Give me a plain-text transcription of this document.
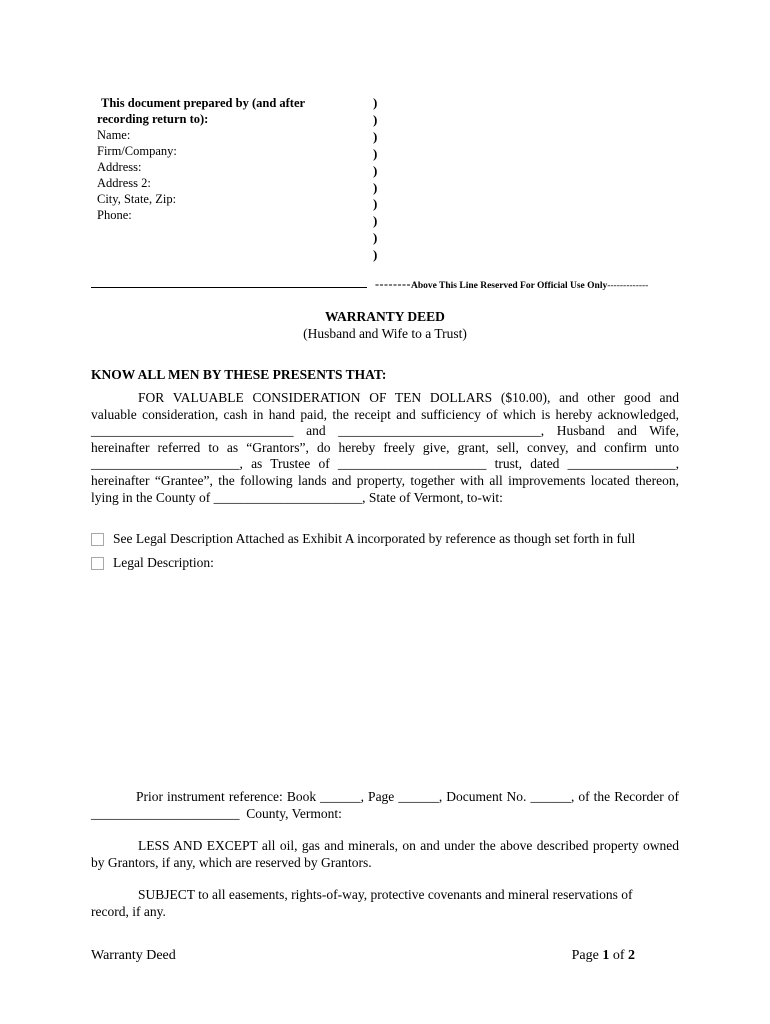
This document prepared by (and after
recording return to):
Name:
Firm/Company:
Address:
Address 2:
City, State, Zip:
Phone:
)
)
)
)
)
)
)
)
)
)
--------Above This Line Reserved For Official Use Only-------------
WARRANTY DEED
(Husband and Wife to a Trust)
KNOW ALL MEN BY THESE PRESENTS THAT:
FOR VALUABLE CONSIDERATION OF TEN DOLLARS ($10.00), and other good and
valuable consideration, cash in hand paid, the receipt and sufficiency of which is hereby acknowledged,
______________________________ and ______________________________, Husband and Wife,
hereinafter referred to as “Grantors”, do hereby freely give, grant, sell, convey, and confirm unto
______________________, as Trustee of ______________________ trust, dated ________________,
hereinafter “Grantee”, the following lands and property, together with all improvements located thereon,
lying in the County of ______________________, State of Vermont, to-wit:
See Legal Description Attached as Exhibit A incorporated by reference as though set forth in full
Legal Description:
Prior instrument reference: Book ______, Page ______, Document No. ______, of the Recorder of
______________________  County, Vermont:
LESS AND EXCEPT all oil, gas and minerals, on and under the above described property owned
by Grantors, if any, which are reserved by Grantors.
SUBJECT to all easements, rights-of-way, protective covenants and mineral reservations of
record, if any.
Warranty Deed	Page 1 of 2
